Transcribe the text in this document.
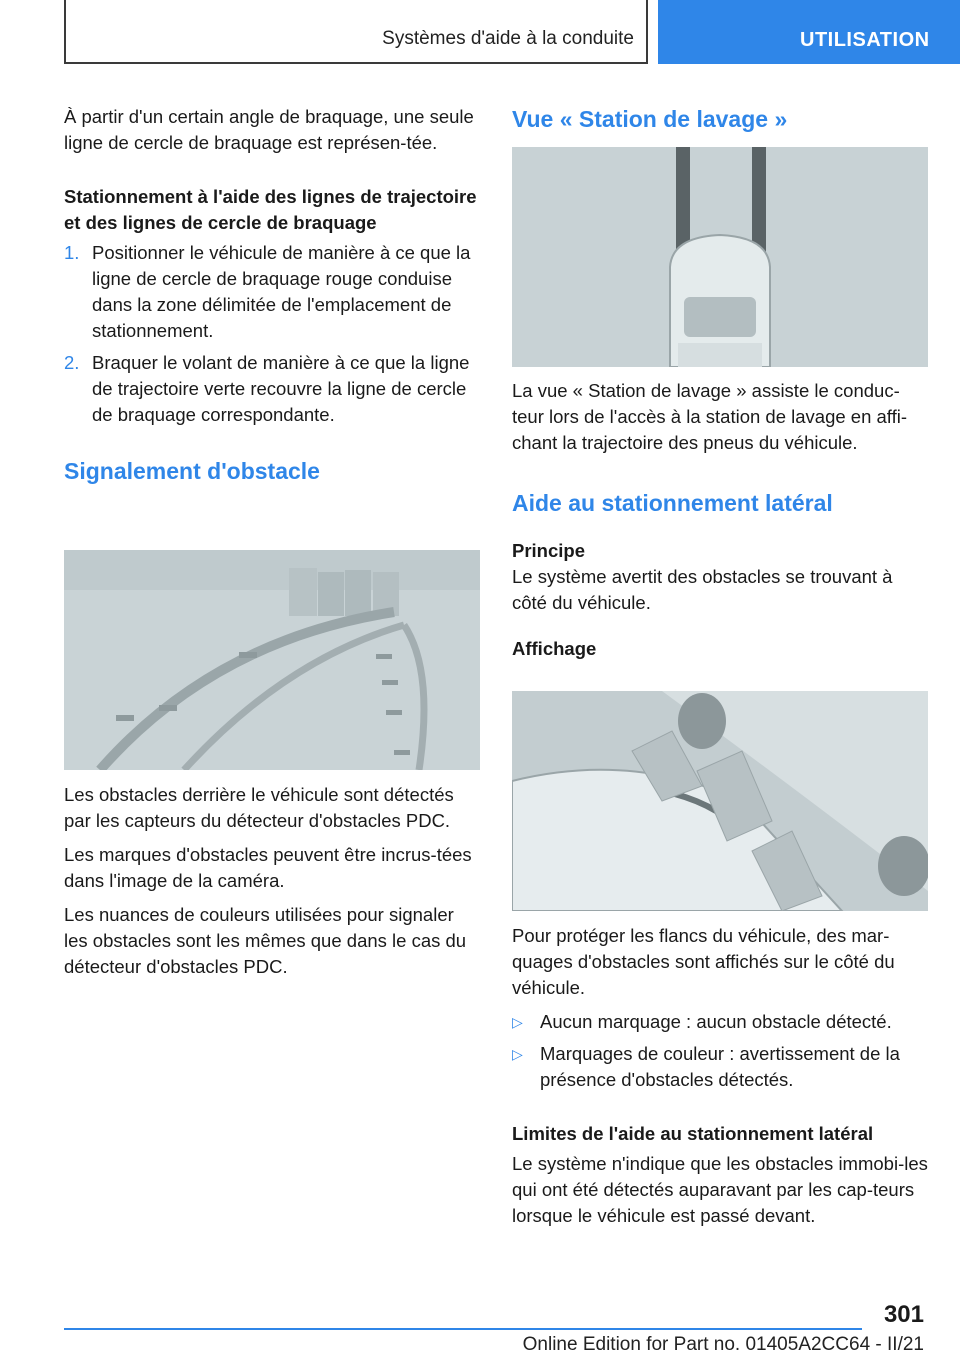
Systèmes d'aide à la conduite	UTILISATION

À partir d'un certain angle de braquage, une seule ligne de cercle de braquage est représen-tée.

Stationnement à l'aide des lignes de trajectoire et des lignes de cercle de braquage

1. Positionner le véhicule de manière à ce que la ligne de cercle de braquage rouge conduise dans la zone délimitée de l'emplacement de stationnement.
2. Braquer le volant de manière à ce que la ligne de trajectoire verte recouvre la ligne de cercle de braquage correspondante.

Signalement d'obstacle

Les obstacles derrière le véhicule sont détectés par les capteurs du détecteur d'obstacles PDC.

Les marques d'obstacles peuvent être incrus-tées dans l'image de la caméra.

Les nuances de couleurs utilisées pour signaler les obstacles sont les mêmes que dans le cas du détecteur d'obstacles PDC.

Vue « Station de lavage »

La vue « Station de lavage » assiste le conduc-teur lors de l'accès à la station de lavage en affi-chant la trajectoire des pneus du véhicule.

Aide au stationnement latéral

Principe

Le système avertit des obstacles se trouvant à côté du véhicule.

Affichage

Pour protéger les flancs du véhicule, des mar-quages d'obstacles sont affichés sur le côté du véhicule.

▷ Aucun marquage : aucun obstacle détecté.
▷ Marquages de couleur : avertissement de la présence d'obstacles détectés.

Limites de l'aide au stationnement latéral

Le système n'indique que les obstacles immobi-les qui ont été détectés auparavant par les cap-teurs lorsque le véhicule est passé devant.

301
Online Edition for Part no. 01405A2CC64 - II/21
